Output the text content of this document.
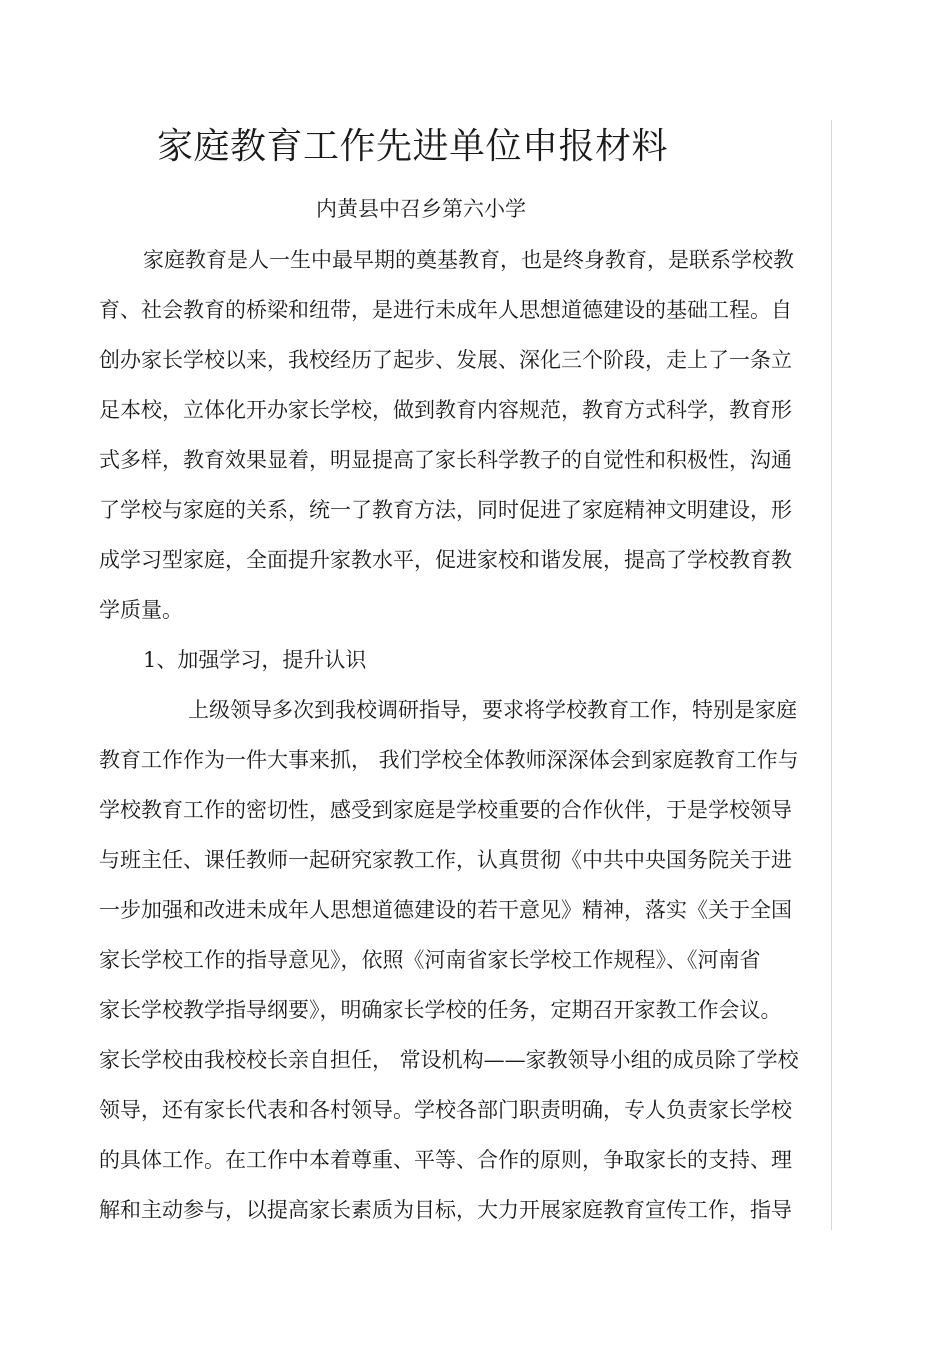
家庭教育工作先进单位申报材料
内黄县中召乡第六小学

家庭教育是人一生中最早期的奠基教育，也是终身教育，是联系学校教

育、社会教育的桥梁和纽带，是进行未成年人思想道德建设的基础工程。自

创办家长学校以来，我校经历了起步、发展、深化三个阶段，走上了一条立

足本校，立体化开办家长学校，做到教育内容规范，教育方式科学，教育形

式多样，教育效果显着，明显提高了家长科学教子的自觉性和积极性，沟通

了学校与家庭的关系，统一了教育方法，同时促进了家庭精神文明建设，形

成学习型家庭，全面提升家教水平，促进家校和谐发展，提高了学校教育教

学质量。

1、加强学习，提升认识

上级领导多次到我校调研指导，要求将学校教育工作，特别是家庭

教育工作作为一件大事来抓， 我们学校全体教师深深体会到家庭教育工作与

学校教育工作的密切性，感受到家庭是学校重要的合作伙伴，于是学校领导

与班主任、课任教师一起研究家教工作，认真贯彻《中共中央国务院关于进

一步加强和改进未成年人思想道德建设的若干意见》精神，落实《关于全国

家长学校工作的指导意见》，依照《河南省家长学校工作规程》、《河南省

家长学校教学指导纲要》，明确家长学校的任务，定期召开家教工作会议。

家长学校由我校校长亲自担任， 常设机构——家教领导小组的成员除了学校

领导，还有家长代表和各村领导。学校各部门职责明确，专人负责家长学校

的具体工作。在工作中本着尊重、平等、合作的原则，争取家长的支持、理

解和主动参与，以提高家长素质为目标，大力开展家庭教育宣传工作，指导
